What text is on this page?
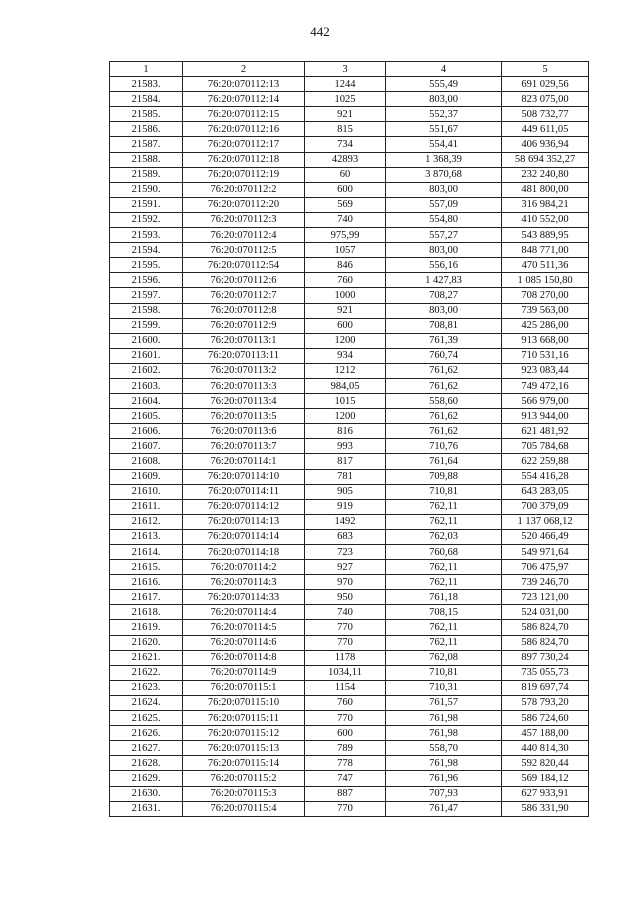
442
1	2	3	4	5
21583.	76:20:070112:13	1244	555,49	691 029,56
21584.	76:20:070112:14	1025	803,00	823 075,00
21585.	76:20:070112:15	921	552,37	508 732,77
21586.	76:20:070112:16	815	551,67	449 611,05
21587.	76:20:070112:17	734	554,41	406 936,94
21588.	76:20:070112:18	42893	1 368,39	58 694 352,27
21589.	76:20:070112:19	60	3 870,68	232 240,80
21590.	76:20:070112:2	600	803,00	481 800,00
21591.	76:20:070112:20	569	557,09	316 984,21
21592.	76:20:070112:3	740	554,80	410 552,00
21593.	76:20:070112:4	975,99	557,27	543 889,95
21594.	76:20:070112:5	1057	803,00	848 771,00
21595.	76:20:070112:54	846	556,16	470 511,36
21596.	76:20:070112:6	760	1 427,83	1 085 150,80
21597.	76:20:070112:7	1000	708,27	708 270,00
21598.	76:20:070112:8	921	803,00	739 563,00
21599.	76:20:070112:9	600	708,81	425 286,00
21600.	76:20:070113:1	1200	761,39	913 668,00
21601.	76:20:070113:11	934	760,74	710 531,16
21602.	76:20:070113:2	1212	761,62	923 083,44
21603.	76:20:070113:3	984,05	761,62	749 472,16
21604.	76:20:070113:4	1015	558,60	566 979,00
21605.	76:20:070113:5	1200	761,62	913 944,00
21606.	76:20:070113:6	816	761,62	621 481,92
21607.	76:20:070113:7	993	710,76	705 784,68
21608.	76:20:070114:1	817	761,64	622 259,88
21609.	76:20:070114:10	781	709,88	554 416,28
21610.	76:20:070114:11	905	710,81	643 283,05
21611.	76:20:070114:12	919	762,11	700 379,09
21612.	76:20:070114:13	1492	762,11	1 137 068,12
21613.	76:20:070114:14	683	762,03	520 466,49
21614.	76:20:070114:18	723	760,68	549 971,64
21615.	76:20:070114:2	927	762,11	706 475,97
21616.	76:20:070114:3	970	762,11	739 246,70
21617.	76:20:070114:33	950	761,18	723 121,00
21618.	76:20:070114:4	740	708,15	524 031,00
21619.	76:20:070114:5	770	762,11	586 824,70
21620.	76:20:070114:6	770	762,11	586 824,70
21621.	76:20:070114:8	1178	762,08	897 730,24
21622.	76:20:070114:9	1034,11	710,81	735 055,73
21623.	76:20:070115:1	1154	710,31	819 697,74
21624.	76:20:070115:10	760	761,57	578 793,20
21625.	76:20:070115:11	770	761,98	586 724,60
21626.	76:20:070115:12	600	761,98	457 188,00
21627.	76:20:070115:13	789	558,70	440 814,30
21628.	76:20:070115:14	778	761,98	592 820,44
21629.	76:20:070115:2	747	761,96	569 184,12
21630.	76:20:070115:3	887	707,93	627 933,91
21631.	76:20:070115:4	770	761,47	586 331,90
